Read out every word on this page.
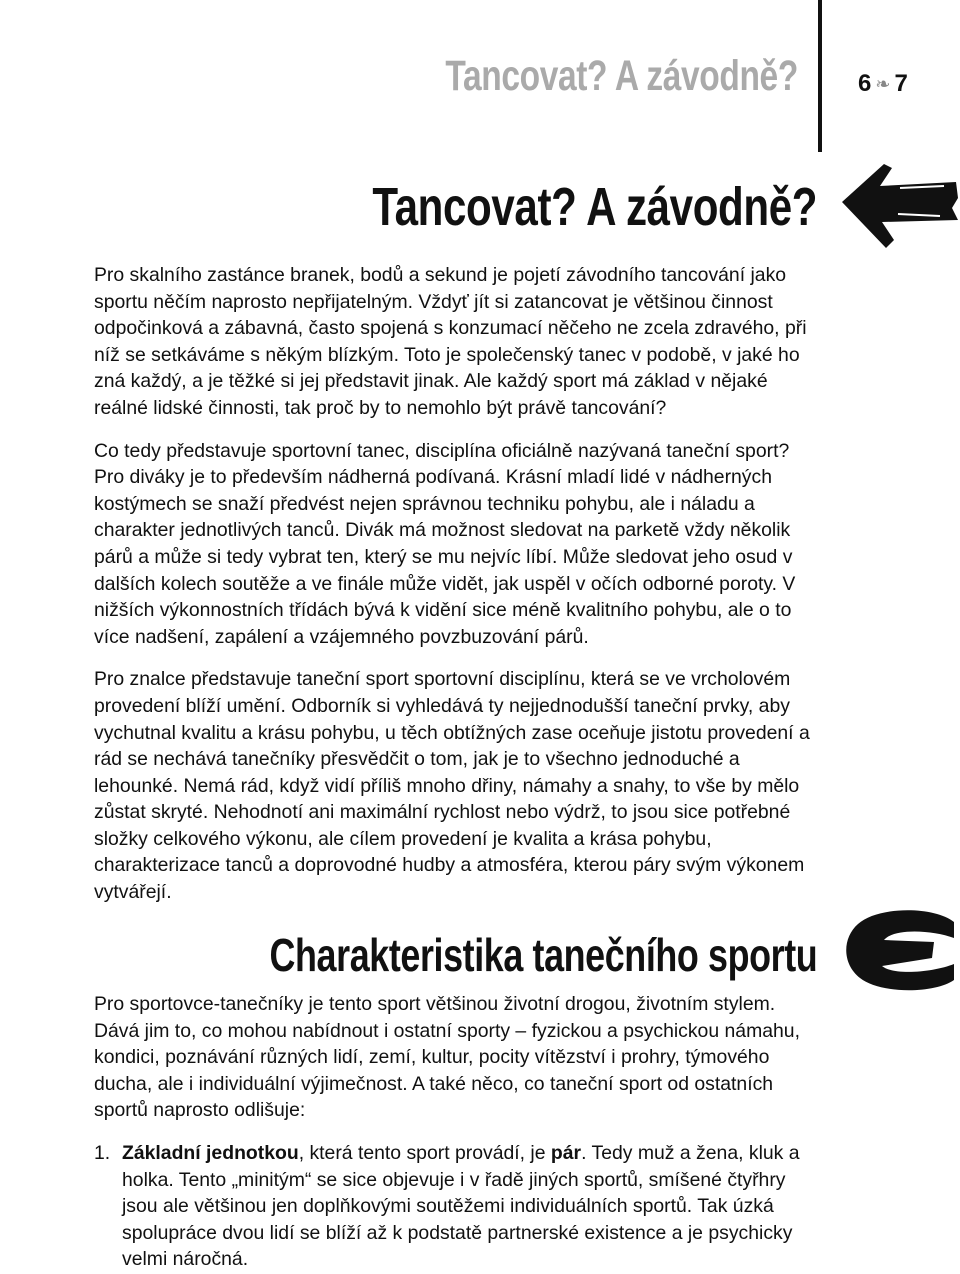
Tancovat? A závodně?	6 ❧ 7
Tancovat? A závodně?

Pro skalního zastánce branek, bodů a sekund je pojetí závodního tancování jako sportu něčím naprosto nepřijatelným. Vždyť jít si zatancovat je většinou činnost odpočinková a zábavná, často spojená s konzumací něčeho ne zcela zdravého, při níž se setkáváme s někým blízkým. Toto je společenský tanec v podobě, v jaké ho zná každý, a je těžké si jej představit jinak. Ale každý sport má základ v nějaké reálné lidské činnosti, tak proč by to nemohlo být právě tancování?

Co tedy představuje sportovní tanec, disciplína oficiálně nazývaná taneční sport? Pro diváky je to především nádherná podívaná. Krásní mladí lidé v nádherných kostýmech se snaží předvést nejen správnou techniku pohybu, ale i náladu a charakter jednotlivých tanců. Divák má možnost sledovat na parketě vždy několik párů a může si tedy vybrat ten, který se mu nejvíc líbí. Může sledovat jeho osud v dalších kolech soutěže a ve finále může vidět, jak uspěl v očích odborné poroty. V nižších výkonnostních třídách bývá k vidění sice méně kvalitního pohybu, ale o to více nadšení, zapálení a vzájemného povzbuzování párů.

Pro znalce představuje taneční sport sportovní disciplínu, která se ve vrcholovém provedení blíží umění. Odborník si vyhledává ty nejjednodušší taneční prvky, aby vychutnal kvalitu a krásu pohybu, u těch obtížných zase oceňuje jistotu provedení a rád se nechává tanečníky přesvědčit o tom, jak je to všechno jednoduché a lehounké. Nemá rád, když vidí příliš mnoho dřiny, námahy a snahy, to vše by mělo zůstat skryté. Nehodnotí ani maximální rychlost nebo výdrž, to jsou sice potřebné složky celkového výkonu, ale cílem provedení je kvalita a krása pohybu, charakterizace tanců a doprovodné hudby a atmosféra, kterou páry svým výkonem vytvářejí.

Charakteristika tanečního sportu

Pro sportovce-tanečníky je tento sport většinou životní drogou, životním stylem. Dává jim to, co mohou nabídnout i ostatní sporty – fyzickou a psychickou námahu, kondici, poznávání různých lidí, zemí, kultur, pocity vítězství i prohry, týmového ducha, ale i individuální výjimečnost. A také něco, co taneční sport od ostatních sportů naprosto odlišuje:

1. Základní jednotkou, která tento sport provádí, je pár. Tedy muž a žena, kluk a holka. Tento „minitým“ se sice objevuje i v řadě jiných sportů, smíšené čtyřhry jsou ale většinou jen doplňkovými soutěžemi individuálních sportů. Tak úzká spolupráce dvou lidí se blíží až k podstatě partnerské existence a je psychicky velmi náročná.
